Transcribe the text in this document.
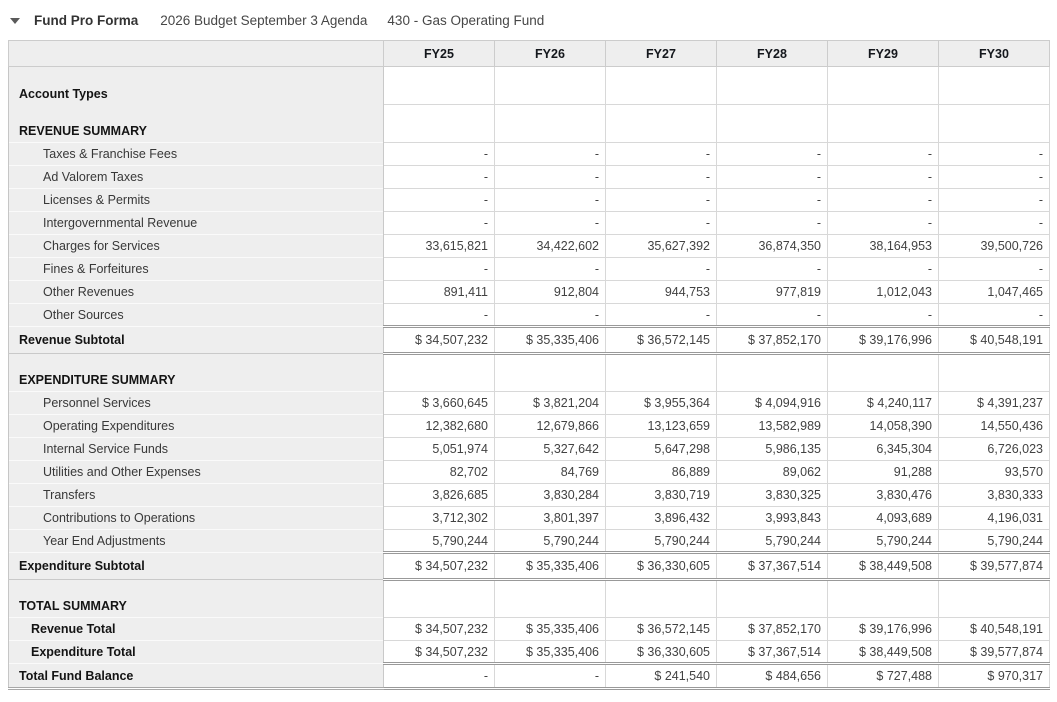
Fund Pro Forma 2026 Budget September 3 Agenda 430 - Gas Operating Fund
	FY25	FY26	FY27	FY28	FY29	FY30
Account Types						
REVENUE SUMMARY						
Taxes & Franchise Fees	-	-	-	-	-	-
Ad Valorem Taxes	-	-	-	-	-	-
Licenses & Permits	-	-	-	-	-	-
Intergovernmental Revenue	-	-	-	-	-	-
Charges for Services	33,615,821	34,422,602	35,627,392	36,874,350	38,164,953	39,500,726
Fines & Forfeitures	-	-	-	-	-	-
Other Revenues	891,411	912,804	944,753	977,819	1,012,043	1,047,465
Other Sources	-	-	-	-	-	-
Revenue Subtotal	$ 34,507,232	$ 35,335,406	$ 36,572,145	$ 37,852,170	$ 39,176,996	$ 40,548,191
EXPENDITURE SUMMARY						
Personnel Services	$ 3,660,645	$ 3,821,204	$ 3,955,364	$ 4,094,916	$ 4,240,117	$ 4,391,237
Operating Expenditures	12,382,680	12,679,866	13,123,659	13,582,989	14,058,390	14,550,436
Internal Service Funds	5,051,974	5,327,642	5,647,298	5,986,135	6,345,304	6,726,023
Utilities and Other Expenses	82,702	84,769	86,889	89,062	91,288	93,570
Transfers	3,826,685	3,830,284	3,830,719	3,830,325	3,830,476	3,830,333
Contributions to Operations	3,712,302	3,801,397	3,896,432	3,993,843	4,093,689	4,196,031
Year End Adjustments	5,790,244	5,790,244	5,790,244	5,790,244	5,790,244	5,790,244
Expenditure Subtotal	$ 34,507,232	$ 35,335,406	$ 36,330,605	$ 37,367,514	$ 38,449,508	$ 39,577,874
TOTAL SUMMARY						
Revenue Total	$ 34,507,232	$ 35,335,406	$ 36,572,145	$ 37,852,170	$ 39,176,996	$ 40,548,191
Expenditure Total	$ 34,507,232	$ 35,335,406	$ 36,330,605	$ 37,367,514	$ 38,449,508	$ 39,577,874
Total Fund Balance	-	-	$ 241,540	$ 484,656	$ 727,488	$ 970,317
